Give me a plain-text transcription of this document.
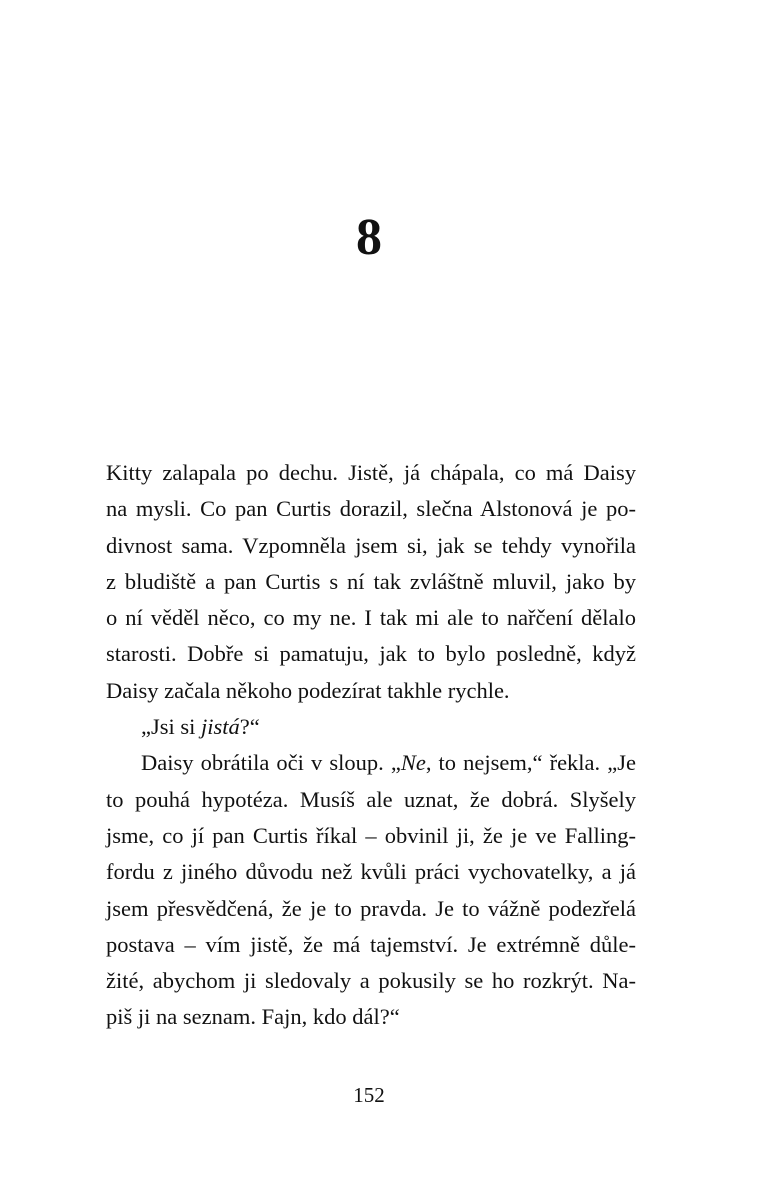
8

Kitty zalapala po dechu. Jistě, já chápala, co má Daisy
na mysli. Co pan Curtis dorazil, slečna Alstonová je po-
divnost sama. Vzpomněla jsem si, jak se tehdy vynořila
z bludiště a pan Curtis s ní tak zvláštně mluvil, jako by
o ní věděl něco, co my ne. I tak mi ale to nařčení dělalo
starosti. Dobře si pamatuju, jak to bylo posledně, když
Daisy začala někoho podezírat takhle rychle.

„Jsi si jistá?“

Daisy obrátila oči v sloup. „Ne, to nejsem,“ řekla. „Je
to pouhá hypotéza. Musíš ale uznat, že dobrá. Slyšely
jsme, co jí pan Curtis říkal – obvinil ji, že je ve Falling-
fordu z jiného důvodu než kvůli práci vychovatelky, a já
jsem přesvědčená, že je to pravda. Je to vážně podezřelá
postava – vím jistě, že má tajemství. Je extrémně důle-
žité, abychom ji sledovaly a pokusily se ho rozkrýt. Na-
piš ji na seznam. Fajn, kdo dál?“

152
